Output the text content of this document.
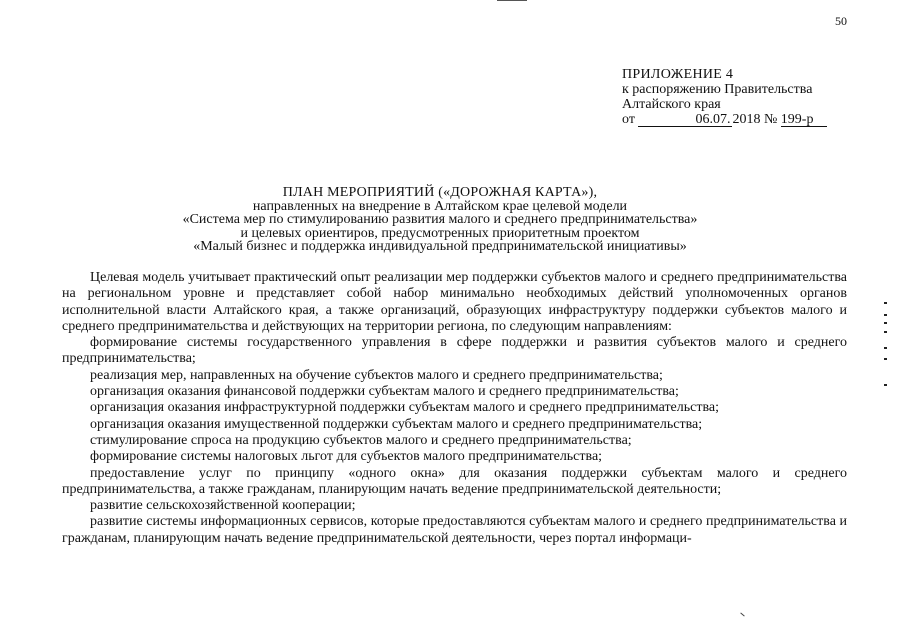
50
ПРИЛОЖЕНИЕ 4
к распоряжению Правительства
Алтайского края
от	06.07. 2018 № 199-р
ПЛАН МЕРОПРИЯТИЙ («ДОРОЖНАЯ КАРТА»),
направленных на внедрение в Алтайском крае целевой модели
«Система мер по стимулированию развития малого и среднего предпринимательства»
и целевых ориентиров, предусмотренных приоритетным проектом
«Малый бизнес и поддержка индивидуальной предпринимательской инициативы»

Целевая модель учитывает практический опыт реализации мер поддержки субъектов малого и среднего предпринимательства на региональном уровне и представляет собой набор минимально необходимых действий уполномоченных органов исполнительной власти Алтайского края, а также организаций, образующих инфраструктуру поддержки субъектов малого и среднего предпринимательства и действующих на территории региона, по следующим направлениям:

формирование системы государственного управления в сфере поддержки и развития субъектов малого и среднего предпринимательства;

реализация мер, направленных на обучение субъектов малого и среднего предпринимательства;

организация оказания финансовой поддержки субъектам малого и среднего предпринимательства;

организация оказания инфраструктурной поддержки субъектам малого и среднего предпринимательства;

организация оказания имущественной поддержки субъектам малого и среднего предпринимательства;

стимулирование спроса на продукцию субъектов малого и среднего предпринимательства;

формирование системы налоговых льгот для субъектов малого предпринимательства;

предоставление услуг по принципу «одного окна» для оказания поддержки субъектам малого и среднего предпринимательства, а также гражданам, планирующим начать ведение предпринимательской деятельности;

развитие сельскохозяйственной кооперации;

развитие системы информационных сервисов, которые предоставляются субъектам малого и среднего предпринимательства и гражданам, планирующим начать ведение предпринимательской деятельности, через портал информаци-
